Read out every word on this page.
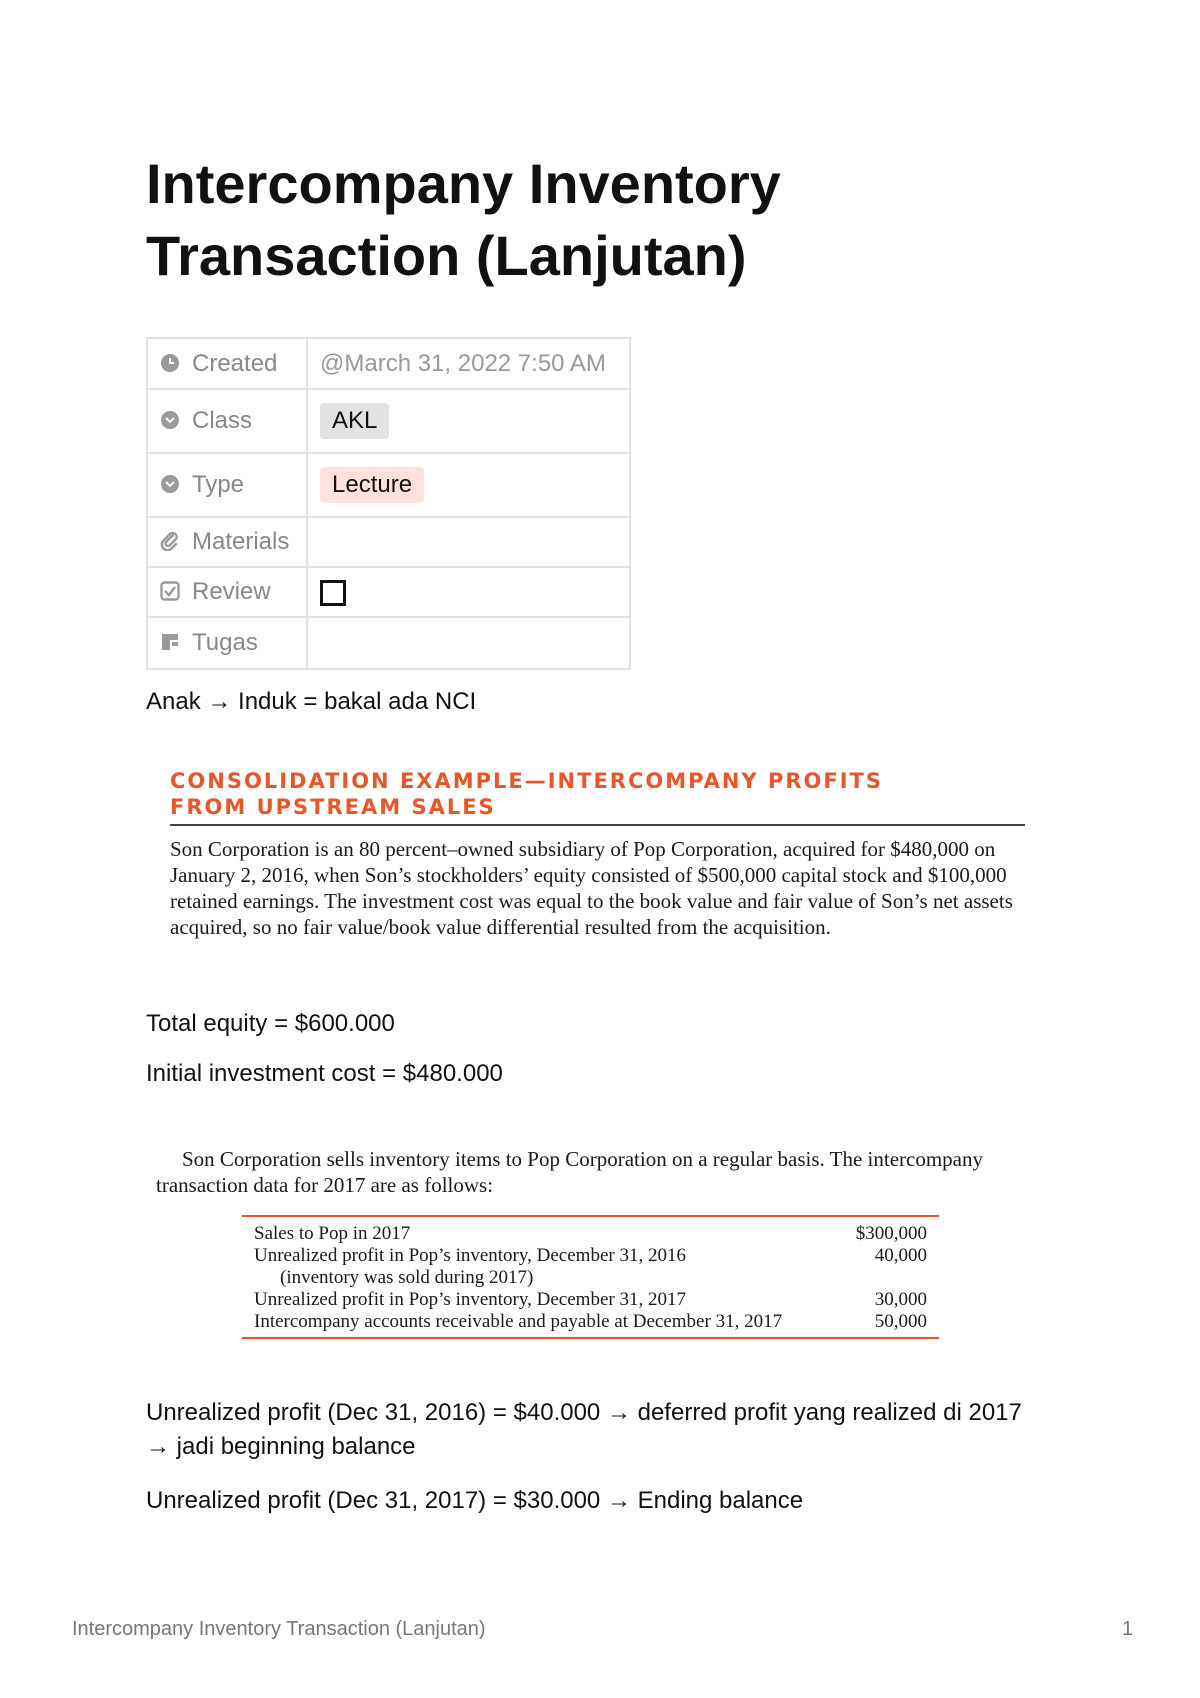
Intercompany Inventory
Transaction (Lanjutan)
Created	@March 31, 2022 7:50 AM

Class	AKL

Type	Lecture

Materials	

Review	

Tugas	

Anak → Induk = bakal ada NCI

CONSOLIDATION EXAMPLE—INTERCOMPANY PROFITS
FROM UPSTREAM SALES
Son Corporation is an 80 percent–owned subsidiary of Pop Corporation, acquired for $480,000 on January 2, 2016, when Son’s stockholders’ equity consisted of $500,000 capital stock and $100,000 retained earnings. The investment cost was equal to the book value and fair value of Son’s net assets acquired, so no fair value/book value differential resulted from the acquisition.

Total equity = $600.000

Initial investment cost = $480.000

Son Corporation sells inventory items to Pop Corporation on a regular basis. The intercompany
transaction data for 2017 are as follows:
Sales to Pop in 2017	$300,000
Unrealized profit in Pop’s inventory, December 31, 2016	40,000
(inventory was sold during 2017)
Unrealized profit in Pop’s inventory, December 31, 2017	30,000
Intercompany accounts receivable and payable at December 31, 2017	50,000

Unrealized profit (Dec 31, 2016) = $40.000 → deferred profit yang realized di 2017 → jadi beginning balance

Unrealized profit (Dec 31, 2017) = $30.000 → Ending balance

Intercompany Inventory Transaction (Lanjutan)	1
